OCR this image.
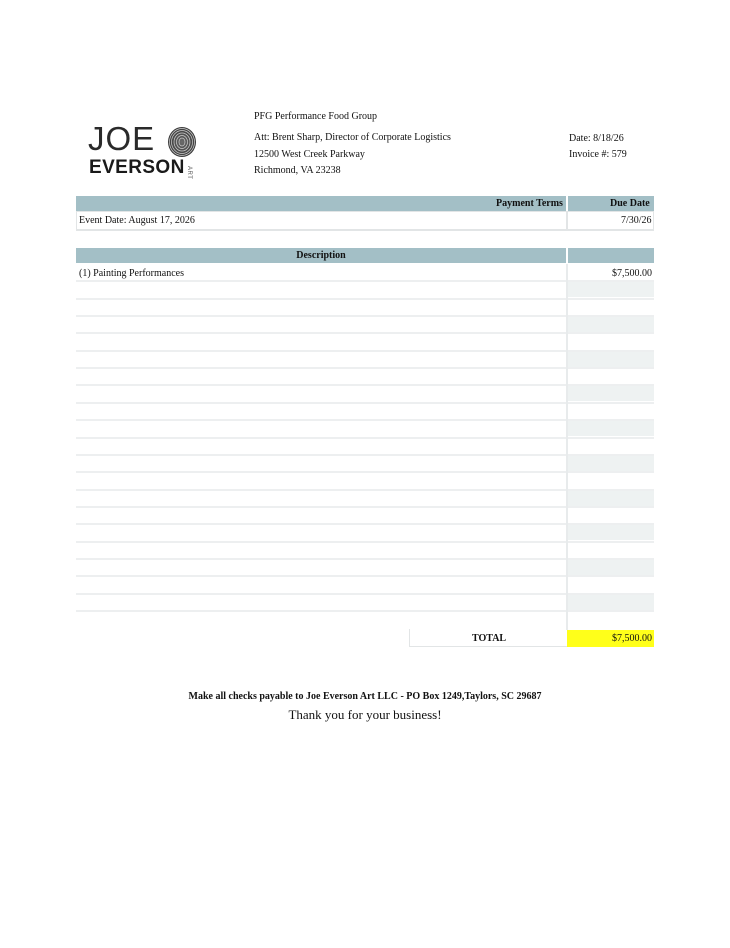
JOE
EVERSON ART
PFG Performance Food Group
Att: Brent Sharp, Director of Corporate Logistics
12500 West Creek Parkway
Richmond, VA 23238
Date: 8/18/26
Invoice #: 579
Payment Terms	Due Date
Event Date: August 17, 2026	7/30/26
Description
(1) Painting Performances	$7,500.00
TOTAL	$7,500.00
Make all checks payable to Joe Everson Art LLC - PO Box 1249,Taylors, SC 29687
Thank you for your business!
